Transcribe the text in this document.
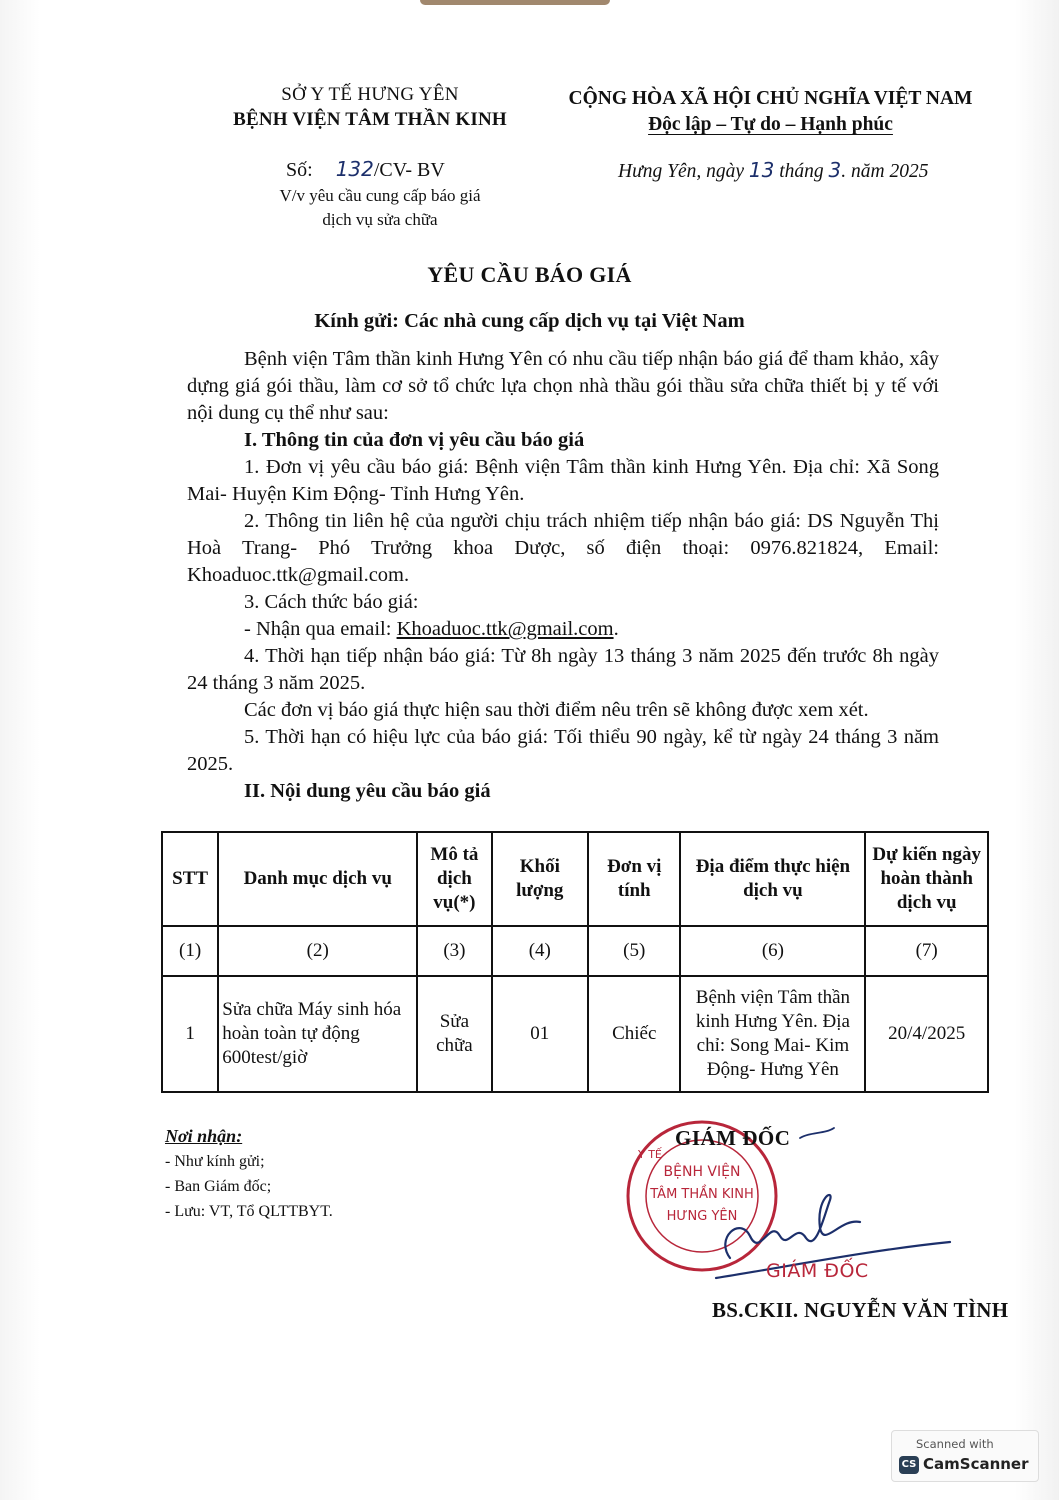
SỞ Y TẾ HƯNG YÊN
BỆNH VIỆN TÂM THẦN KINH
CỘNG HÒA XÃ HỘI CHỦ NGHĨA VIỆT NAM
Độc lập – Tự do – Hạnh phúc
Số: 132/CV- BV
V/v yêu cầu cung cấp báo giá
dịch vụ sửa chữa
Hưng Yên, ngày 13 tháng 3. năm 2025
YÊU CẦU BÁO GIÁ
Kính gửi: Các nhà cung cấp dịch vụ tại Việt Nam
Bệnh viện Tâm thần kinh Hưng Yên có nhu cầu tiếp nhận báo giá để tham khảo, xây dựng giá gói thầu, làm cơ sở tổ chức lựa chọn nhà thầu gói thầu sửa chữa thiết bị y tế với nội dung cụ thể như sau:
I. Thông tin của đơn vị yêu cầu báo giá
1. Đơn vị yêu cầu báo giá: Bệnh viện Tâm thần kinh Hưng Yên. Địa chỉ: Xã Song Mai- Huyện Kim Động- Tỉnh Hưng Yên.
2. Thông tin liên hệ của người chịu trách nhiệm tiếp nhận báo giá: DS Nguyễn Thị Hoà Trang- Phó Trưởng khoa Dược, số điện thoại: 0976.821824, Email: Khoaduoc.ttk@gmail.com.
3. Cách thức báo giá:
- Nhận qua email: Khoaduoc.ttk@gmail.com.
4. Thời hạn tiếp nhận báo giá: Từ 8h ngày 13 tháng 3 năm 2025 đến trước 8h ngày 24 tháng 3 năm 2025.
Các đơn vị báo giá thực hiện sau thời điểm nêu trên sẽ không được xem xét.
5. Thời hạn có hiệu lực của báo giá: Tối thiểu 90 ngày, kể từ ngày 24 tháng 3 năm 2025.
II. Nội dung yêu cầu báo giá
STT	Danh mục dịch vụ	Mô tả dịch vụ(*)	Khối lượng	Đơn vị tính	Địa điểm thực hiện dịch vụ	Dự kiến ngày hoàn thành dịch vụ
(1)	(2)	(3)	(4)	(5)	(6)	(7)
1	Sửa chữa Máy sinh hóa hoàn toàn tự động 600test/giờ	Sửa chữa	01	Chiếc	Bệnh viện Tâm thần kinh Hưng Yên. Địa chỉ: Song Mai- Kim Động- Hưng Yên	20/4/2025
Nơi nhận:
- Như kính gửi;
- Ban Giám đốc;
- Lưu: VT, Tổ QLTTBYT.
BỆNH VIỆN
TÂM THẦN KINH
HƯNG YÊN
Y TẾ
GIÁM ĐỐC
GIÁM ĐỐC
BS.CKII. NGUYỄN VĂN TÌNH
Scanned with
CS CamScanner
